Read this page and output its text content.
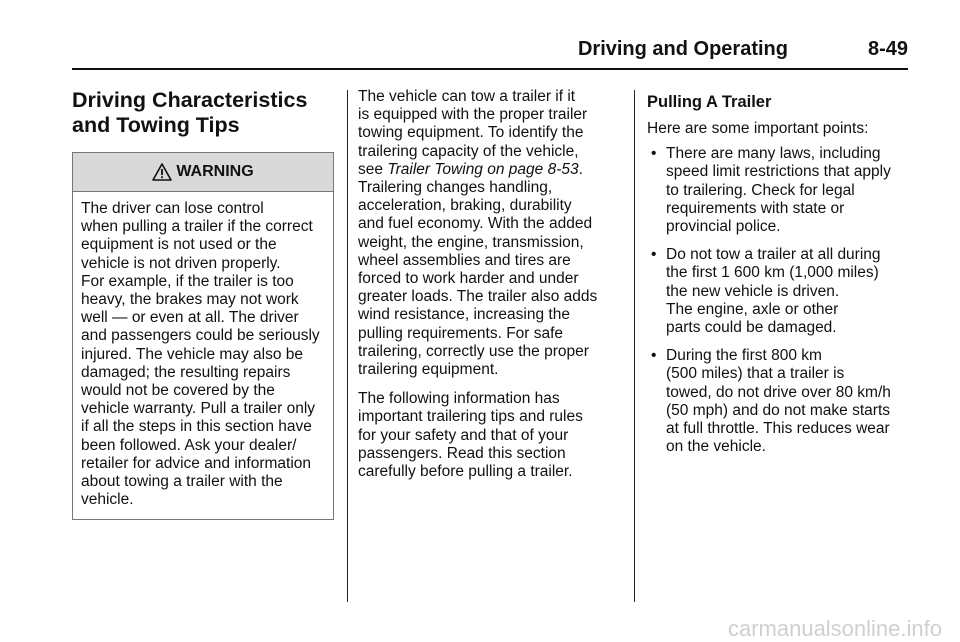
Driving and Operating	8-49
Driving Characteristics
and Towing Tips
WARNING
The driver can lose control
when pulling a trailer if the correct
equipment is not used or the
vehicle is not driven properly.
For example, if the trailer is too
heavy, the brakes may not work
well — or even at all. The driver
and passengers could be seriously
injured. The vehicle may also be
damaged; the resulting repairs
would not be covered by the
vehicle warranty. Pull a trailer only
if all the steps in this section have
been followed. Ask your dealer/
retailer for advice and information
about towing a trailer with the
vehicle.

The vehicle can tow a trailer if it
is equipped with the proper trailer
towing equipment. To identify the
trailering capacity of the vehicle,
see Trailer Towing on page 8-53.
Trailering changes handling,
acceleration, braking, durability
and fuel economy. With the added
weight, the engine, transmission,
wheel assemblies and tires are
forced to work harder and under
greater loads. The trailer also adds
wind resistance, increasing the
pulling requirements. For safe
trailering, correctly use the proper
trailering equipment.

The following information has
important trailering tips and rules
for your safety and that of your
passengers. Read this section
carefully before pulling a trailer.

Pulling A Trailer

Here are some important points:

• There are many laws, including
speed limit restrictions that apply
to trailering. Check for legal
requirements with state or
provincial police.
• Do not tow a trailer at all during
the first 1 600 km (1,000 miles)
the new vehicle is driven.
The engine, axle or other
parts could be damaged.
• During the first 800 km
(500 miles) that a trailer is
towed, do not drive over 80 km/h
(50 mph) and do not make starts
at full throttle. This reduces wear
on the vehicle.
carmanualsonline.info
